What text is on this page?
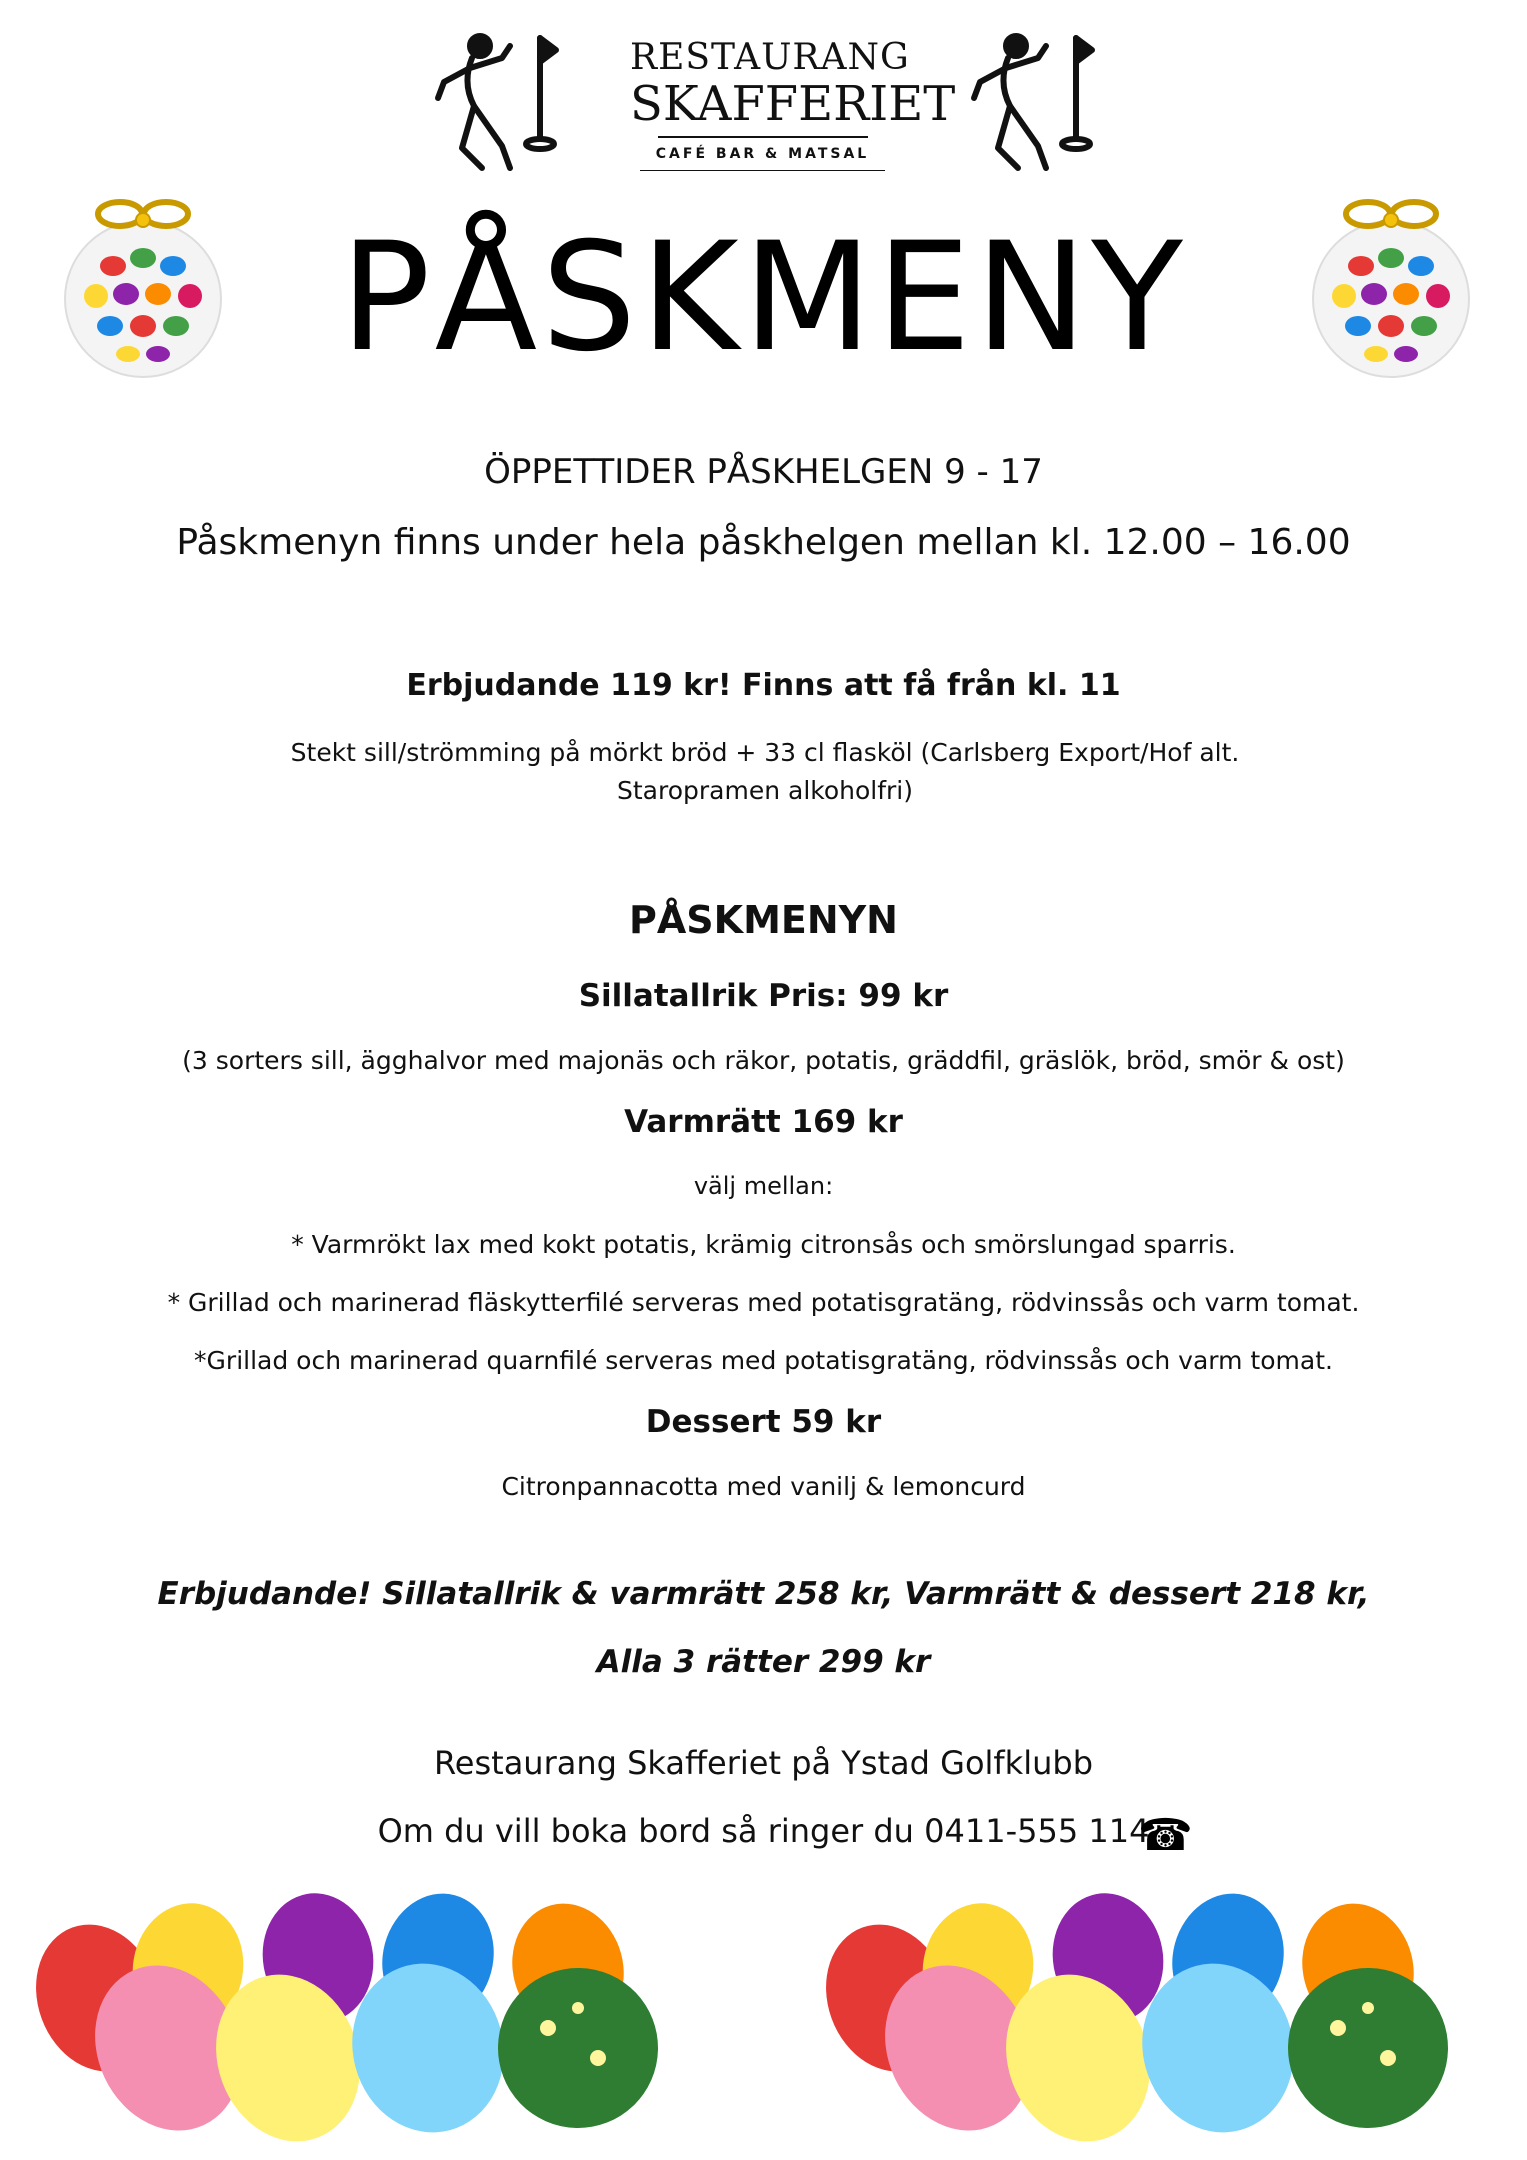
RESTAURANG
SKAFFERIET
CAFÉ BAR & MATSAL
PÅSKMENY
ÖPPETTIDER PÅSKHELGEN 9 - 17
Påskmenyn finns under hela påskhelgen mellan kl. 12.00 – 16.00
Erbjudande 119 kr! Finns att få från kl. 11
Stekt sill/strömming på mörkt bröd + 33 cl flasköl (Carlsberg Export/Hof alt. Staropramen alkoholfri)
PÅSKMENYN
Sillatallrik Pris: 99 kr
(3 sorters sill, ägghalvor med majonäs och räkor, potatis, gräddfil, gräslök, bröd, smör & ost)
Varmrätt 169 kr
välj mellan:
* Varmrökt lax med kokt potatis, krämig citronsås och smörslungad sparris.
* Grillad och marinerad fläskytterfilé serveras med potatisgratäng, rödvinssås och varm tomat.
*Grillad och marinerad quarnfilé serveras med potatisgratäng, rödvinssås och varm tomat.
Dessert 59 kr
Citronpannacotta med vanilj & lemoncurd
Erbjudande! Sillatallrik & varmrätt 258 kr, Varmrätt & dessert 218 kr,
Alla 3 rätter 299 kr
Restaurang Skafferiet på Ystad Golfklubb
Om du vill boka bord så ringer du 0411-555 114
☎
